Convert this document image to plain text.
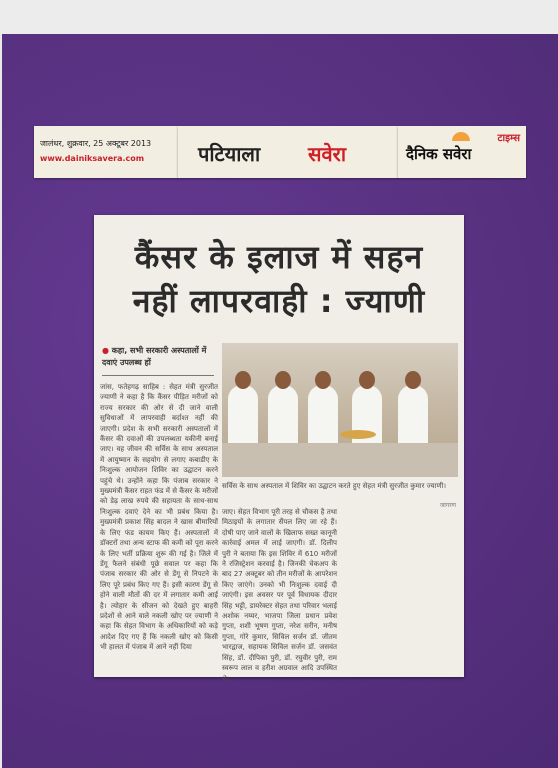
जालंधर, शुक्रवार, 25 अक्टूबर 2013
www.dainiksavera.com	पटियाला सवेरा
टाइम्स
दैनिक सवेरा
कैंसर के इलाज में सहन
नहीं लापरवाही : ज्याणी
● कहा, सभी सरकारी अस्पतालों में दवाएं उपलब्ध हों
जांस, फतेहगढ़ साहिब : सेहत मंत्री सुरजीत ज्याणी ने कहा है कि कैंसर पीड़ित मरीजों को राज्य सरकार की ओर से दी जाने वाली सुविधाओं में लापरवाही बर्दाश्त नहीं की जाएगी। प्रदेश के सभी सरकारी अस्पतालों में कैंसर की दवाओं की उपलब्धता यकीनी बनाई जाए। वह जीवन की सर्विस के साथ अस्पताल में आयुष्मान के सहयोग से लगाए कबाडीए के निःशुल्क आयोजन शिविर का उद्घाटन करने पहुंचे थे। उन्होंने कहा कि पंजाब सरकार ने मुख्यमंत्री कैंसर राहत फंड में से कैंसर के मरीजों को डेढ़ लाख रुपये की सहायता के साथ-साथ निःशुल्क दवाएं देने का भी प्रबंध किया है। मुख्यमंत्री प्रकाश सिंह बादल ने खास बीमारियों के लिए फंड कायम किए हैं। अस्पतालों में डॉक्टरों तथा अन्य स्टाफ की कमी को पूरा करने के लिए भर्ती प्रक्रिया शुरू की गई है। जिले में डेंगू फैलने संबंधी पूछे सवाल पर कहा कि पंजाब सरकार की ओर से डेंगू से निपटने के लिए पूरे प्रबंध किए गए हैं। इसी कारण डेंगू से होने वाली मौतों की दर में लगातार कमी आई है। त्योहार के सीजन को देखते हुए बाहरी प्रदेशों से आने वाले नकली खोए पर ज्याणी ने कहा कि सेहत विभाग के अधिकारियों को कड़े आदेश दिए गए हैं कि नकली खोए को किसी भी हालत में पंजाब में आने नहीं दिया
सर्विस के साथ अस्पताल में शिविर का उद्घाटन करते हुए सेहत मंत्री सुरजीत कुमार ज्याणी।
जागरण
जाए। सेहत विभाग पूरी तरह से चौकस है तथा मिठाइयों के लगातार सैंपल लिए जा रहे हैं। दोषी पाए जाने वालों के खिलाफ सख्त कानूनी कार्रवाई अमल में लाई जाएगी। डॉ. दिलीप पुरी ने बताया कि इस शिविर में 610 मरीजों ने रजिस्ट्रेशन करवाई है। जिनकी चेकअप के बाद 27 अक्टूबर को तीन मरीजों के आपरेशन किए जाएंगे। उनको भी निःशुल्क दवाई दी जाएंगी। इस अवसर पर पूर्व विधायक दीदार सिंह भट्टी, डायरेक्टर सेहत तथा परिवार भलाई अशोक नय्यर, भाजपा जिला प्रधान प्रवेश गुप्ता, शशी भूषण गुप्ता, नरेश सरीन, मनीष गुप्ता, गोरे कुमार, सिविल सर्जन डॉ. जीतम भारद्वाज, सहायक सिविल सर्जन डॉ. जसवंत सिंह, डॉ. दीपिका पुरी, डॉ. रघुवीर पुरी, राम स्वरूप लाल व हरीश अग्रवाल आदि उपस्थित थे।
